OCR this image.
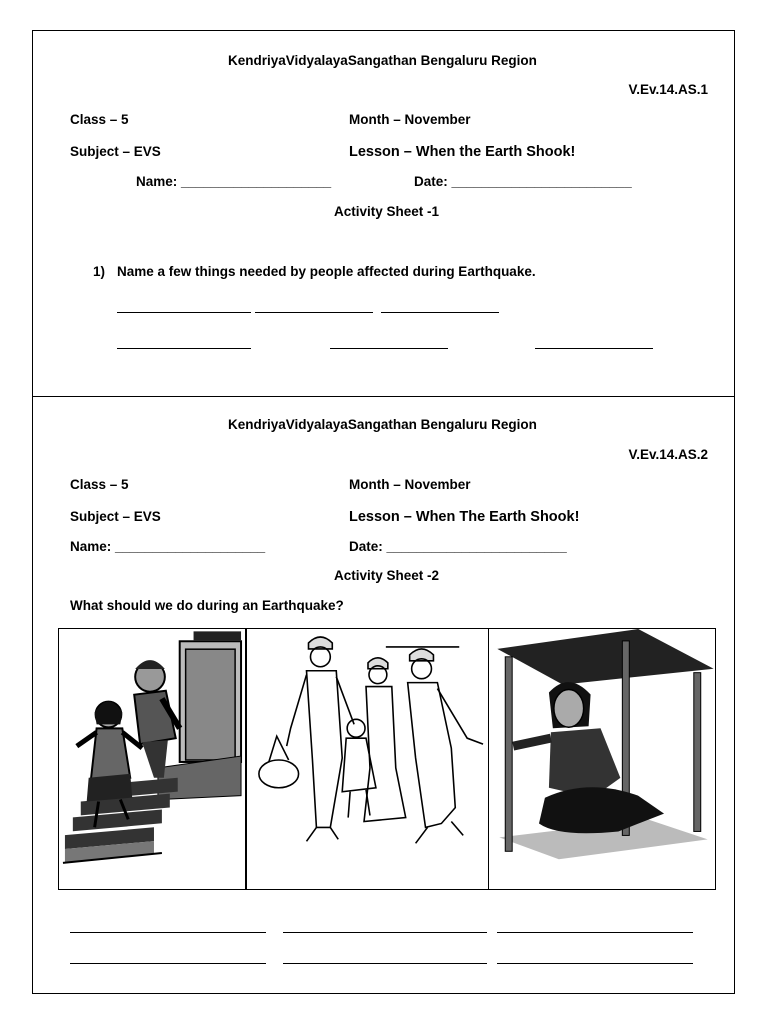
KendriyaVidyalayaSangathan Bengaluru Region
V.Ev.14.AS.1
Class – 5	Month – November
Subject – EVS	Lesson – When the Earth Shook!
Name: ____________________	Date: ________________________
Activity Sheet -1
1) Name a few things needed by people affected during Earthquake.
KendriyaVidyalayaSangathan Bengaluru Region
V.Ev.14.AS.2
Class – 5	Month – November
Subject – EVS	Lesson – When The Earth Shook!
Name: ____________________	Date: ________________________
Activity Sheet -2
What should we do during an Earthquake?
